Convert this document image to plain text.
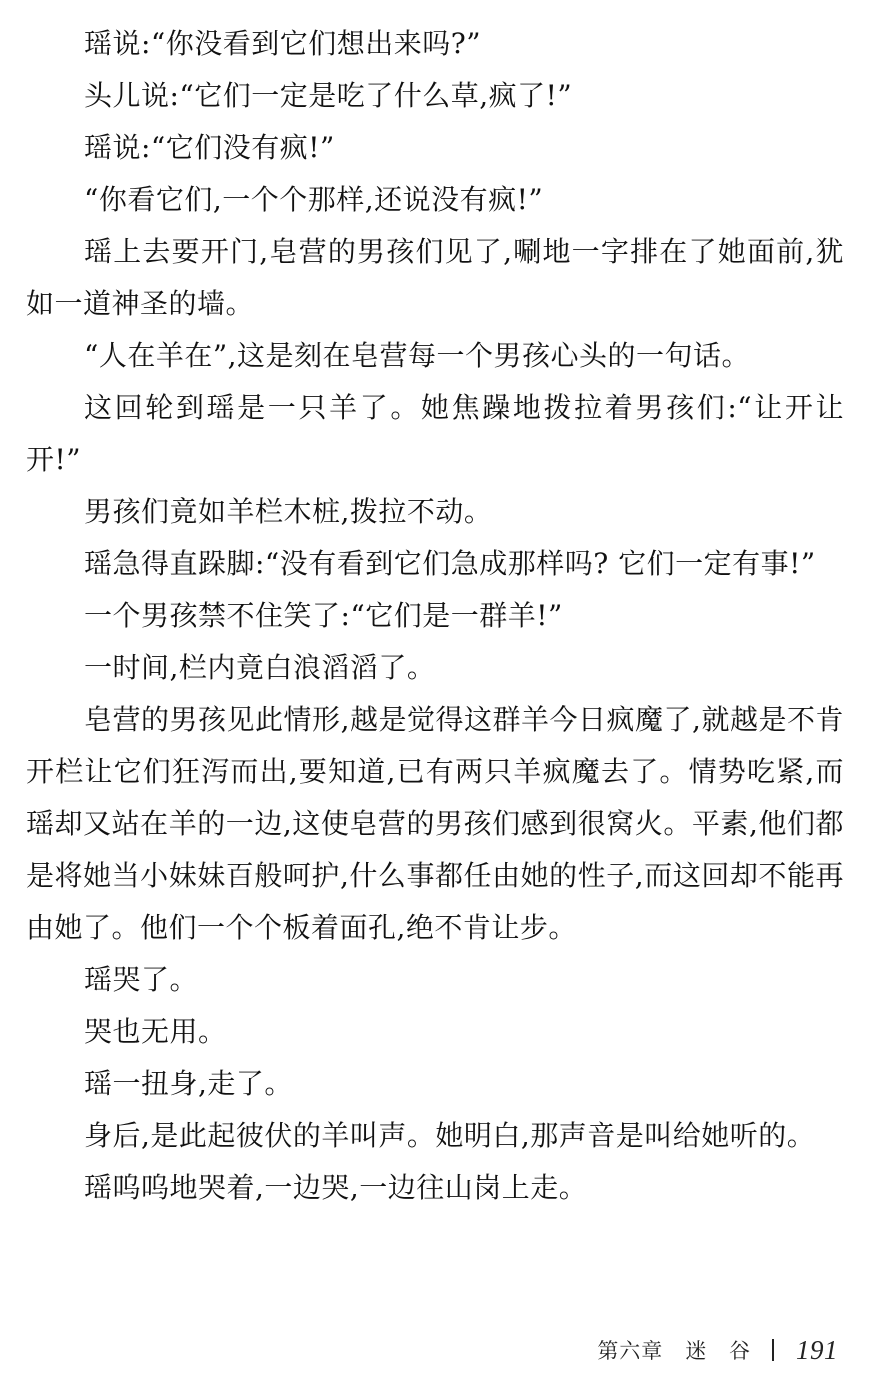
瑶说:“你没看到它们想出来吗?”

头儿说:“它们一定是吃了什么草,疯了!”

瑶说:“它们没有疯!”

“你看它们,一个个那样,还说没有疯!”

瑶上去要开门,皂营的男孩们见了,唰地一字排在了她面前,犹如一道神圣的墙。

“人在羊在”,这是刻在皂营每一个男孩心头的一句话。

这回轮到瑶是一只羊了。她焦躁地拨拉着男孩们:“让开让开!”

男孩们竟如羊栏木桩,拨拉不动。

瑶急得直跺脚:“没有看到它们急成那样吗? 它们一定有事!”

一个男孩禁不住笑了:“它们是一群羊!”

一时间,栏内竟白浪滔滔了。

皂营的男孩见此情形,越是觉得这群羊今日疯魔了,就越是不肯开栏让它们狂泻而出,要知道,已有两只羊疯魔去了。情势吃紧,而瑶却又站在羊的一边,这使皂营的男孩们感到很窝火。平素,他们都是将她当小妹妹百般呵护,什么事都任由她的性子,而这回却不能再由她了。他们一个个板着面孔,绝不肯让步。

瑶哭了。

哭也无用。

瑶一扭身,走了。

身后,是此起彼伏的羊叫声。她明白,那声音是叫给她听的。

瑶呜呜地哭着,一边哭,一边往山岗上走。

第六章 迷 谷 191
